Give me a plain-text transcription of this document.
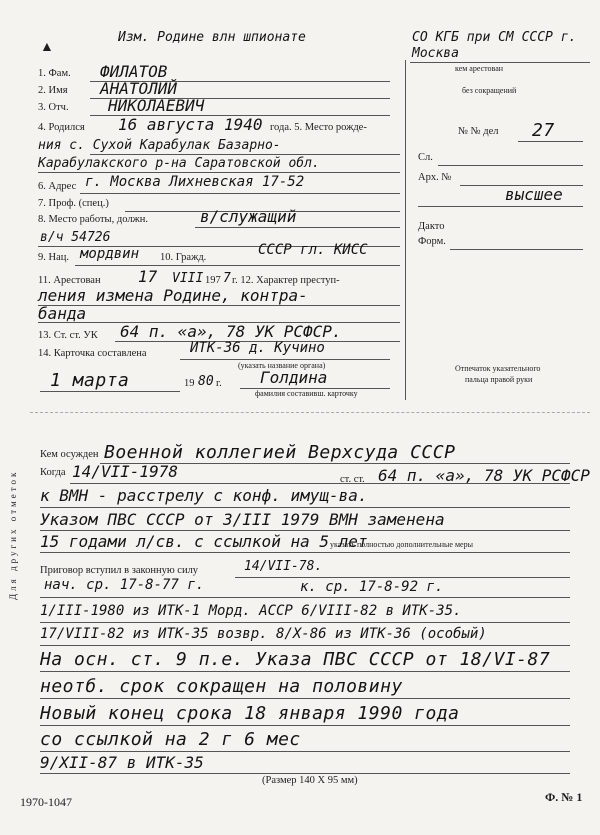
Изм. Родине влн шпионате	СО КГБ при СМ СССР г. Москва
кем арестован
без сокращений
▲
1. Фам. ФИЛАТОВ
2. Имя АНАТОЛИЙ
3. Отч. НИКОЛАЕВИЧ
4. Родился 16 августа 1940 года. 5. Место рожде-
ния с. Сухой Карабулак Базарно-
Карабулакского р-на Саратовской обл.
6. Адрес г. Москва Лихневская 17-52
7. Проф. (спец.)
8. Место работы, должн.	в/служащий
в/ч 54726
9. Нац. мордвин 10. Гражд.	СССР гл. КИСС
11. Арестован 17 VIII 197 7 г. 12. Характер преступ-
ления измена Родине, контра-
банда
13. Ст. ст. УК 64 п. «а», 78 УК РСФСР.
14. Карточка составлена	ИТК-36 д. Кучино
(указать название органа)
1 марта	19 80 г. Голдина
фамилия составивш. карточку
№ № дел 27
Сл.
Арх. №
высшее
Дакто
Форм.
Отпечаток указательного
пальца правой руки
Для других отметок
Кем осужден Военной коллегией Верхсуда СССР
Когда 14/VII-1978	ст. ст. 64 п. «а», 78 УК РСФСР
к ВМН - расстрелу с конф. имущ-ва.
Указом ПВС СССР от 3/III 1979 ВМН заменена
15 годами л/св. с ссылкой на 5 лет
указать полностью дополнительные меры
Приговор вступил в законную силу	14/VII-78.
нач. ср. 17-8-77 г.	к. ср. 17-8-92 г.
1/III-1980 из ИТК-1 Морд. АССР 6/VIII-82 в ИТК-35.
17/VIII-82 из ИТК-35 возвр. 8/X-86 из ИТК-36 (особый)
На осн. ст. 9 п.е. Указа ПВС СССР от 18/VI-87
неотб. срок сокращен на половину
Новый конец срока 18 января 1990 года
со ссылкой на 2 г 6 мес
9/XII-87 в ИТК-35
(Размер 140 Х 95 мм)
1970-1047	Ф. № 1
